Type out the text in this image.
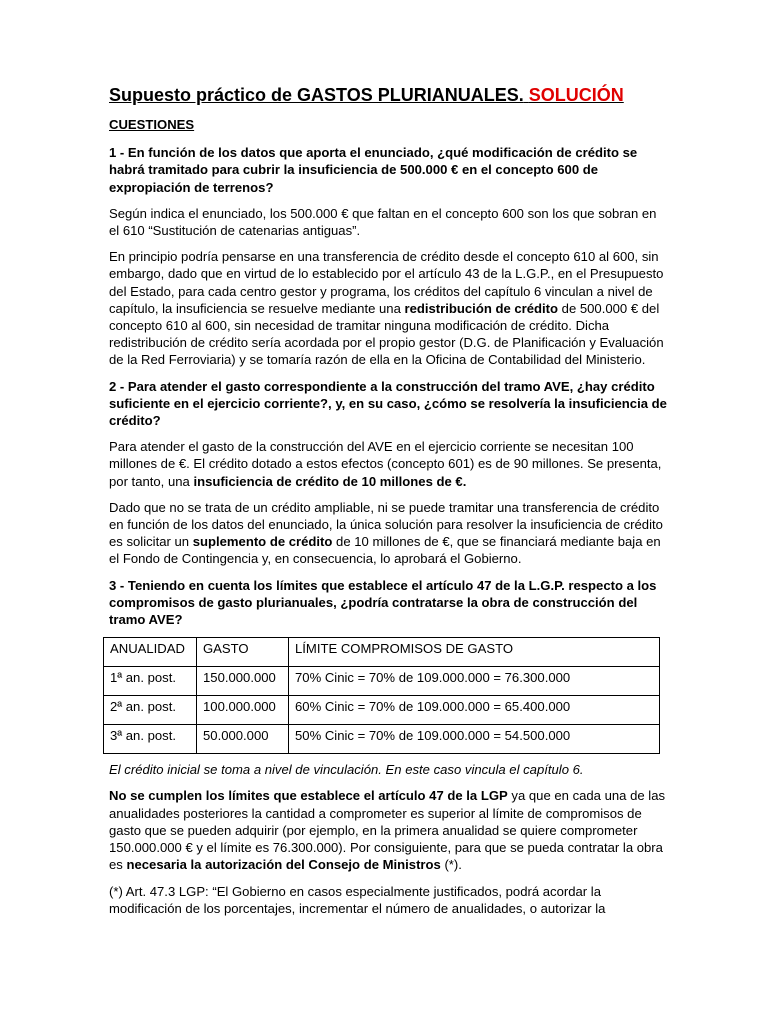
Supuesto práctico de GASTOS PLURIANUALES. SOLUCIÓN
CUESTIONES

1 - En función de los datos que aporta el enunciado, ¿qué modificación de crédito se habrá tramitado para cubrir la insuficiencia de 500.000 € en el concepto 600 de expropiación de terrenos?

Según indica el enunciado, los 500.000 € que faltan en el concepto 600 son los que sobran en el 610 “Sustitución de catenarias antiguas”.

En principio podría pensarse en una transferencia de crédito desde el concepto 610 al 600, sin embargo, dado que en virtud de lo establecido por el artículo 43 de la L.G.P., en el Presupuesto del Estado, para cada centro gestor y programa, los créditos del capítulo 6 vinculan a nivel de capítulo, la insuficiencia se resuelve mediante una redistribución de crédito de 500.000 € del concepto 610 al 600, sin necesidad de tramitar ninguna modificación de crédito. Dicha redistribución de crédito sería acordada por el propio gestor (D.G. de Planificación y Evaluación de la Red Ferroviaria) y se tomaría razón de ella en la Oficina de Contabilidad del Ministerio.

2 - Para atender el gasto correspondiente a la construcción del tramo AVE, ¿hay crédito suficiente en el ejercicio corriente?, y, en su caso, ¿cómo se resolvería la insuficiencia de crédito?

Para atender el gasto de la construcción del AVE en el ejercicio corriente se necesitan 100 millones de €. El crédito dotado a estos efectos (concepto 601) es de 90 millones. Se presenta, por tanto, una insuficiencia de crédito de 10 millones de €.

Dado que no se trata de un crédito ampliable, ni se puede tramitar una transferencia de crédito en función de los datos del enunciado, la única solución para resolver la insuficiencia de crédito es solicitar un suplemento de crédito de 10 millones de €, que se financiará mediante baja en el Fondo de Contingencia y, en consecuencia, lo aprobará el Gobierno.

3 - Teniendo en cuenta los límites que establece el artículo 47 de la L.G.P. respecto a los compromisos de gasto plurianuales, ¿podría contratarse la obra de construcción del tramo AVE?

ANUALIDAD	GASTO	LÍMITE COMPROMISOS DE GASTO
1ª an. post.	150.000.000	70% Cinic = 70% de 109.000.000 = 76.300.000
2ª an. post.	100.000.000	60% Cinic = 70% de 109.000.000 = 65.400.000
3ª an. post.	50.000.000	50% Cinic = 70% de 109.000.000 = 54.500.000

El crédito inicial se toma a nivel de vinculación. En este caso vincula el capítulo 6.

No se cumplen los límites que establece el artículo 47 de la LGP ya que en cada una de las anualidades posteriores la cantidad a comprometer es superior al límite de compromisos de gasto que se pueden adquirir (por ejemplo, en la primera anualidad se quiere comprometer 150.000.000 € y el límite es 76.300.000). Por consiguiente, para que se pueda contratar la obra es necesaria la autorización del Consejo de Ministros (*).

(*) Art. 47.3 LGP: “El Gobierno en casos especialmente justificados, podrá acordar la modificación de los porcentajes, incrementar el número de anualidades, o autorizar la
